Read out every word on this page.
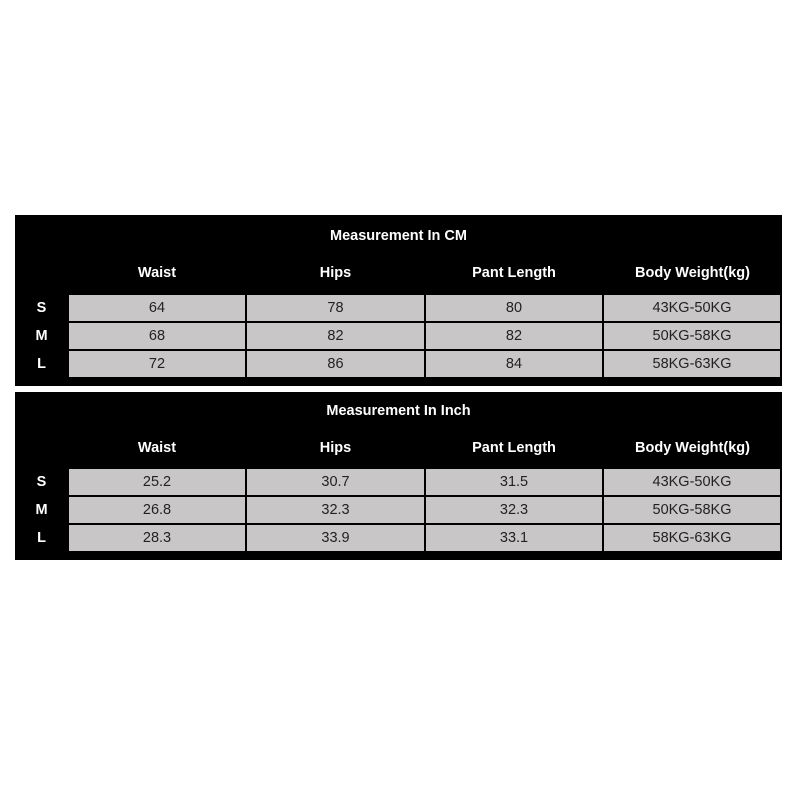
Measurement In CM
Waist	Hips	Pant Length	Body Weight(kg)
S	64	78	80	43KG-50KG
M	68	82	82	50KG-58KG
L	72	86	84	58KG-63KG
Measurement In Inch
Waist	Hips	Pant Length	Body Weight(kg)
S	25.2	30.7	31.5	43KG-50KG
M	26.8	32.3	32.3	50KG-58KG
L	28.3	33.9	33.1	58KG-63KG
